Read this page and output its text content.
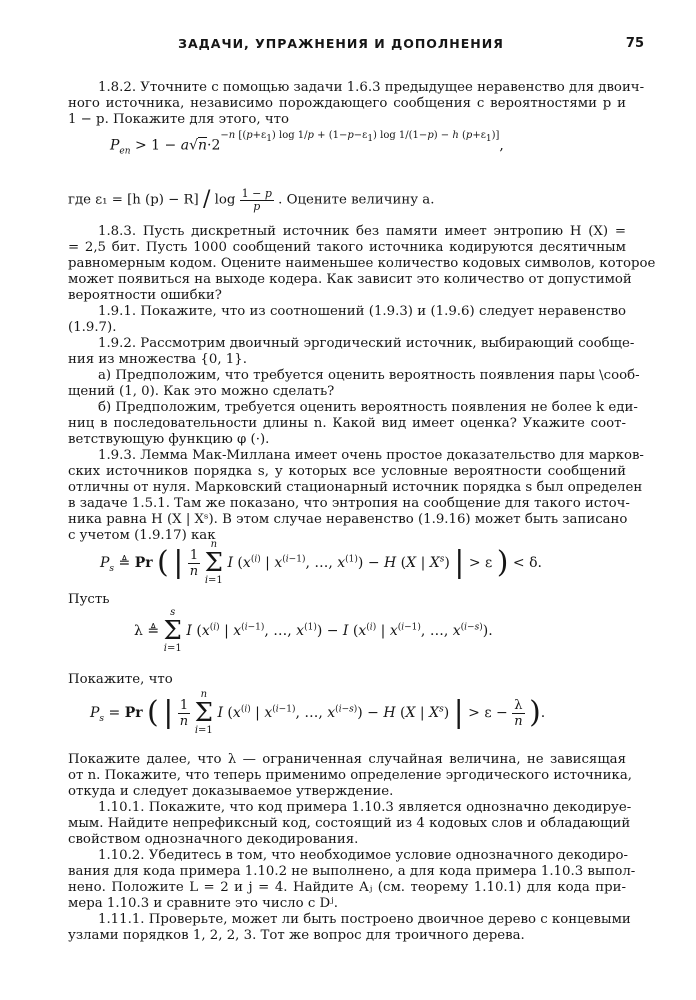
ЗАДАЧИ, УПРАЖНЕНИЯ И ДОПОЛНЕНИЯ	75
1.8.2. Уточните с помощью задачи 1.6.3 предыдущее неравенство для двоич-
ного источника, независимо порождающего сообщения с вероятностями p и
1 − p. Покажите для этого, что
$P_{en} > 1 - a√n\cdot 2^{-n [(p+\varepsilon_1) log 1/p + (1-p-\varepsilon_1) log 1/(1-p) - h (p+\varepsilon_1)]}$,
где ε₁ = [h $(p) - R] / \log \frac{1 - p}{p}$ . Оцените величину a.
1.8.3. Пусть дискретный источник без памяти имеет энтропию H (X) =
= 2,5 бит. Пусть 1000 сообщений такого источника кодируются десятичным
равномерным кодом. Оцените наименьшее количество кодовых символов, которое
может появиться на выходе кодера. Как зависит это количество от допустимой
вероятности ошибки?
1.9.1. Покажите, что из соотношений (1.9.3) и (1.9.6) следует неравенство
(1.9.7).
1.9.2. Рассмотрим двоичный эргодический источник, выбирающий сообще-
ния из множества {0, 1}.
а) Предположим, что требуется оценить вероятность появления пары \сооб-
щений (1, 0). Как это можно сделать?
б) Предположим, требуется оценить вероятность появления не более k еди-
ниц в последовательности длины n. Какой вид имеет оценка? Укажите соот-
ветствующую функцию φ (·).
1.9.3. Лемма Мак-Миллана имеет очень простое доказательство для марков-
ских источников порядка s, у которых все условные вероятности сообщений
отличны от нуля. Марковский стационарный источник порядка s был определен
в задаче 1.5.1. Там же показано, что энтропия на сообщение для такого источ-
ника равна H (X | Xˢ). В этом случае неравенство (1.9.16) может быть записано
с учетом (1.9.17) как
$P_s$ ≜ Pr ( | $\frac{1}{n}$

n
Σ
i=1
I ($x^{(i)}$ | $x^{(i-1)}$, …, $x^{(1)}) - H$ (X | $X^s$) | > ε ) < δ.
Пусть
λ ≜
s
Σ
i=1
I ($x^{(i)}$ | $x^{(i-1)}$, …, $x^{(1)}) - I$ ($x^{(i)}$ | $x^{(i-1)}$, …, $x^{(i-s)}$).
Покажите, что
$P_s = Pr$ ( | $\frac{1}{n}$

n
Σ
i=1
I ($x^{(i)}$ | $x^{(i-1)}$, …, $x^{(i-s)}) - H$ (X | $X^s$) | > $\varepsilon - \frac{\lambda}{n}$ ).
Покажите далее, что λ — ограниченная случайная величина, не зависящая
от n. Покажите, что теперь применимо определение эргодического источника,
откуда и следует доказываемое утверждение.
1.10.1. Покажите, что код примера 1.10.3 является однозначно декодируе-
мым. Найдите непрефиксный код, состоящий из 4 кодовых слов и обладающий
свойством однозначного декодирования.
1.10.2. Убедитесь в том, что необходимое условие однозначного декодиро-
вания для кода примера 1.10.2 не выполнено, а для кода примера 1.10.3 выпол-
нено. Положите L = 2 и j = 4. Найдите Aⱼ (см. теорему 1.10.1) для кода при-
мера 1.10.3 и сравните это число с Dʲ.
1.11.1. Проверьте, может ли быть построено двоичное дерево с концевыми
узлами порядков 1, 2, 2, 3. Тот же вопрос для троичного дерева.
